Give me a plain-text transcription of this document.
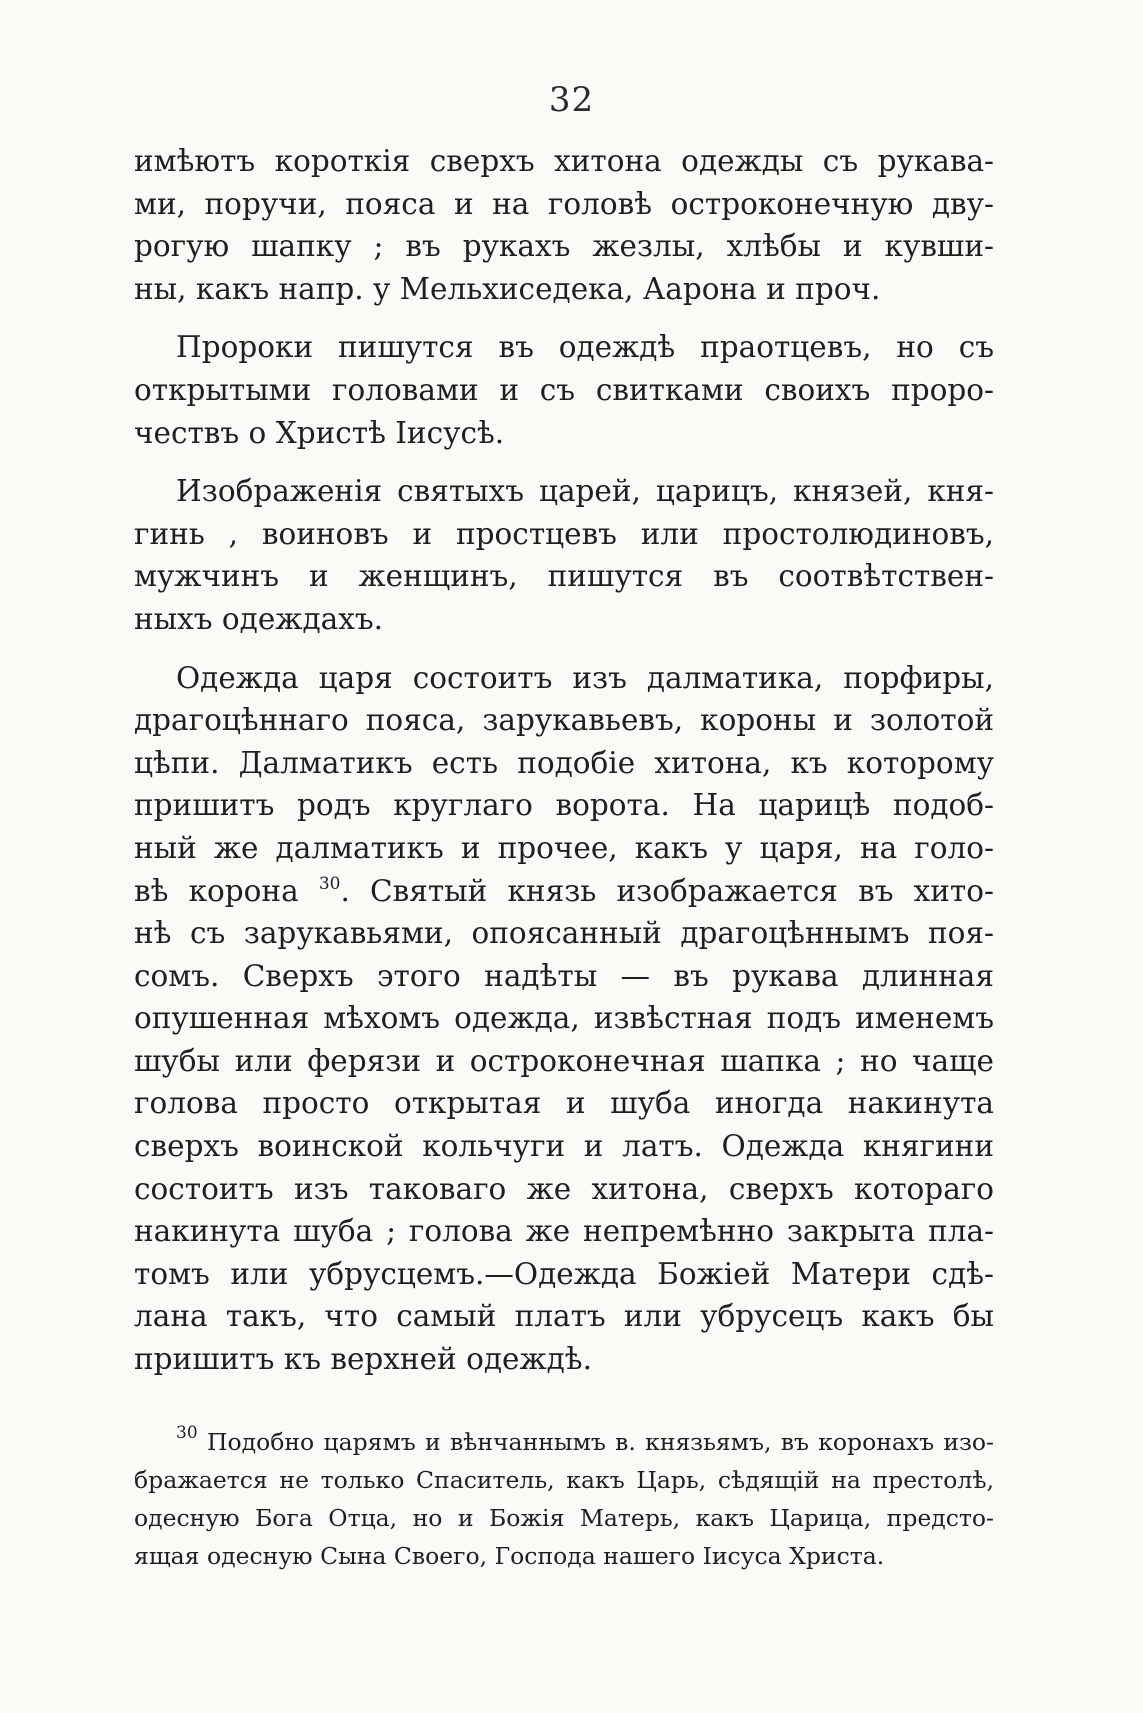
32
имѣютъ короткія сверхъ хитона одежды съ рукава-
ми, поручи, пояса и на головѣ остроконечную дву-
рогую шапку ; въ рукахъ жезлы, хлѣбы и кувши-
ны, какъ напр. у Мельхиседека, Аарона и проч.
Пророки пишутся въ одеждѣ праотцевъ, но съ
открытыми головами и съ свитками своихъ проро-
чествъ о Христѣ Іисусѣ.
Изображенія святыхъ царей, царицъ, князей, кня-
гинь , воиновъ и простцевъ или простолюдиновъ,
мужчинъ и женщинъ, пишутся въ соотвѣтствен-
ныхъ одеждахъ.
Одежда царя состоитъ изъ далматика, порфиры,
драгоцѣннаго пояса, зарукавьевъ, короны и золотой
цѣпи. Далматикъ есть подобіе хитона, къ которому
пришитъ родъ круглаго ворота. На царицѣ подоб-
ный же далматикъ и прочее, какъ у царя, на голо-
вѣ корона $^{30}$. Святый князь изображается въ хито-
нѣ съ зарукавьями, опоясанный драгоцѣннымъ поя-
сомъ. Сверхъ этого надѣты — въ рукава длинная
опушенная мѣхомъ одежда, извѣстная подъ именемъ
шубы или ферязи и остроконечная шапка ; но чаще
голова просто открытая и шуба иногда накинута
сверхъ воинской кольчуги и латъ. Одежда княгини
состоитъ изъ таковаго же хитона, сверхъ котораго
накинута шуба ; голова же непремѣнно закрыта пла-
томъ или убрусцемъ.—Одежда Божіей Матери сдѣ-
лана такъ, что самый платъ или убрусецъ какъ бы
пришитъ къ верхней одеждѣ.
$^{30}$ Подобно царямъ и вѣнчаннымъ в. князьямъ, въ коронахъ изо-
бражается не только Спаситель, какъ Царь, сѣдящій на престолѣ,
одесную Бога Отца, но и Божія Матерь, какъ Царица, предсто-
ящая одесную Сына Своего, Господа нашего Іисуса Христа.
